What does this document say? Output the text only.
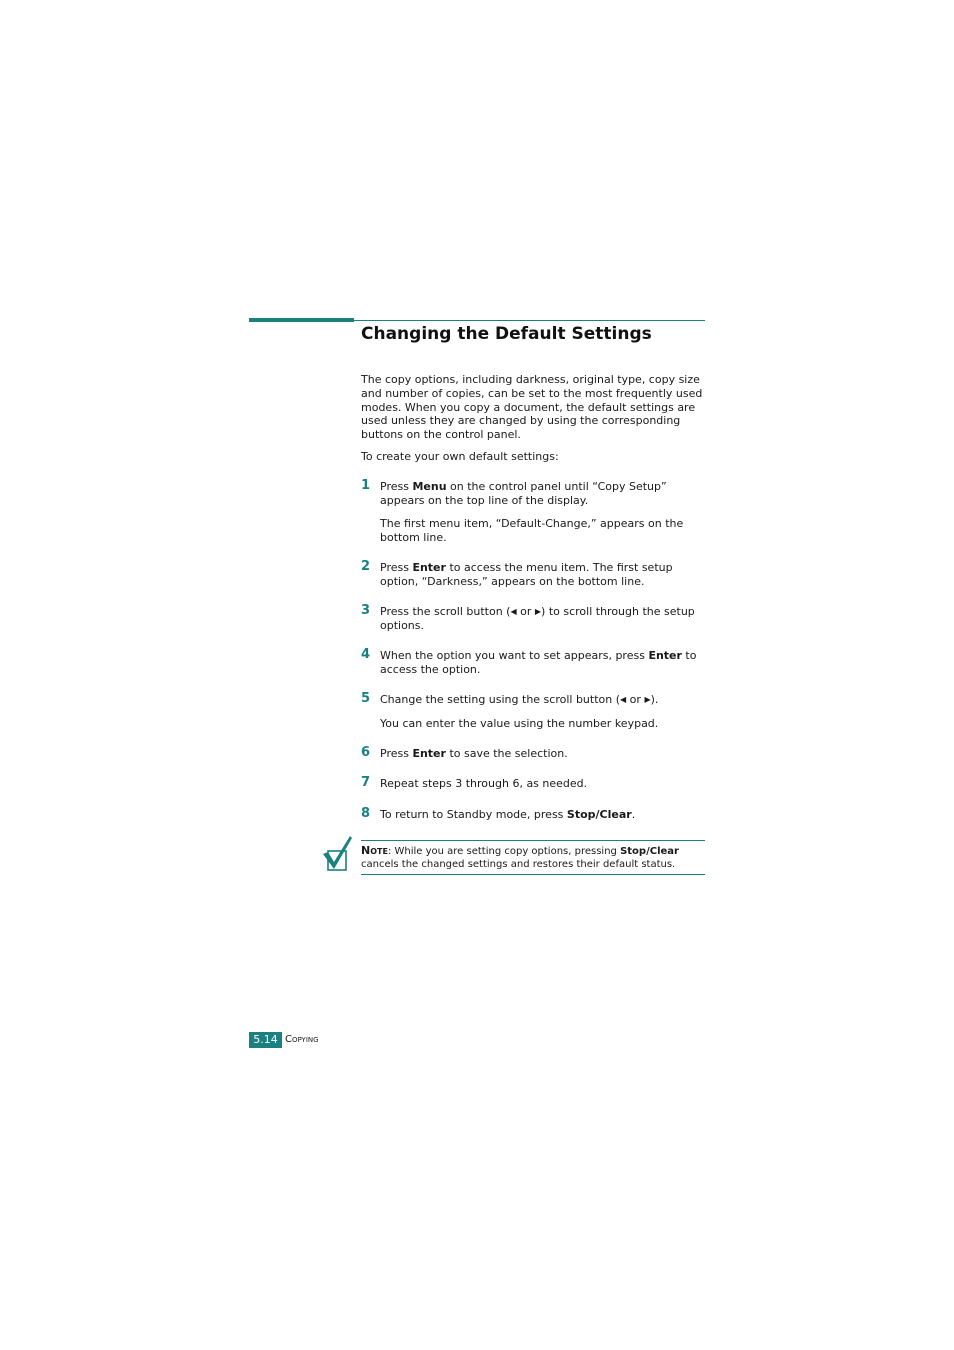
Changing the Default Settings

The copy options, including darkness, original type, copy size and number of copies, can be set to the most frequently used modes. When you copy a document, the default settings are used unless they are changed by using the corresponding buttons on the control panel.

To create your own default settings:

1 Press Menu on the control panel until “Copy Setup” appears on the top line of the display.

The first menu item, “Default-Change,” appears on the bottom line.

2 Press Enter to access the menu item. The first setup option, “Darkness,” appears on the bottom line.

3 Press the scroll button (◀ or ▶) to scroll through the setup options.

4 When the option you want to set appears, press Enter to access the option.

5 Change the setting using the scroll button (◀ or ▶).

You can enter the value using the number keypad.

6 Press Enter to save the selection.

7 Repeat steps 3 through 6, as needed.

8 To return to Standby mode, press Stop/Clear.

Note: While you are setting copy options, pressing Stop/Clear cancels the changed settings and restores their default status.

5.14 Copying
